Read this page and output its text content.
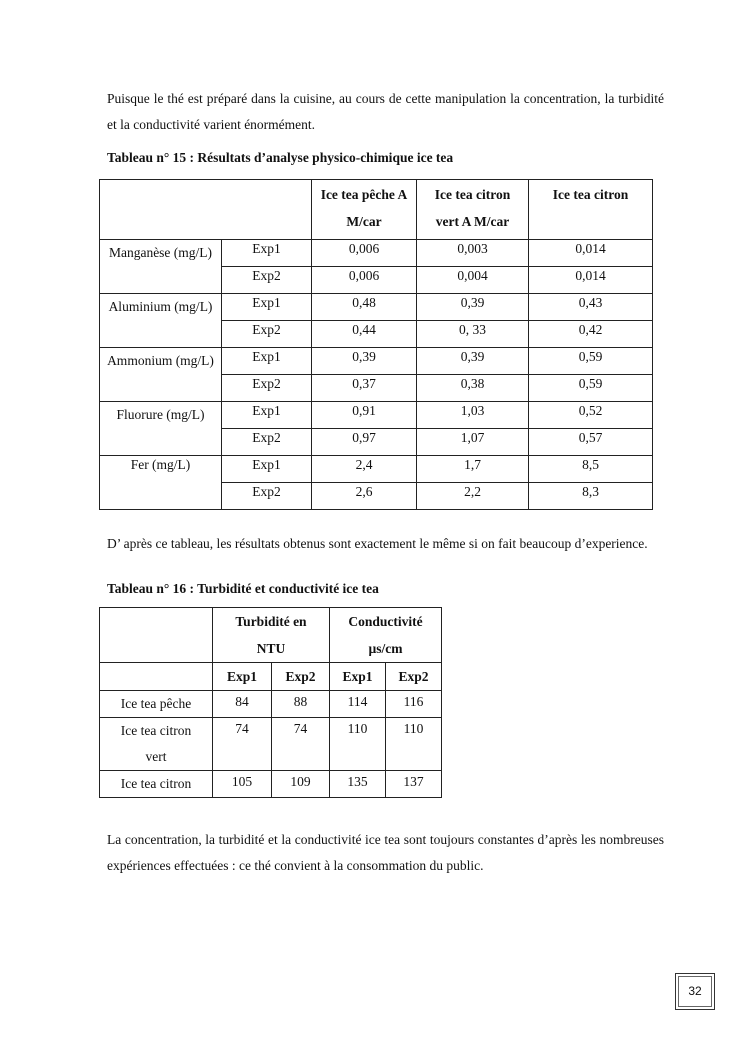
Puisque le thé est préparé dans la cuisine, au cours de cette manipulation la concentration, la turbidité et la conductivité varient énormément.

Tableau n° 15 : Résultats d’analyse physico-chimique ice tea

		Ice tea pêche A M/car	Ice tea citron vert A M/car	Ice tea citron
Manganèse (mg/L)	Exp1	0,006	0,003	0,014
	Exp2	0,006	0,004	0,014
Aluminium (mg/L)	Exp1	0,48	0,39	0,43
	Exp2	0,44	0, 33	0,42
Ammonium (mg/L)	Exp1	0,39	0,39	0,59
	Exp2	0,37	0,38	0,59
Fluorure (mg/L)	Exp1	0,91	1,03	0,52
	Exp2	0,97	1,07	0,57
Fer (mg/L)	Exp1	2,4	1,7	8,5
	Exp2	2,6	2,2	8,3

D’ après ce tableau, les résultats obtenus sont exactement le même si on fait beaucoup d’experience.

Tableau n° 16 : Turbidité et conductivité ice tea

	Turbidité en NTU		Conductivité µs/cm	
	Exp1	Exp2	Exp1	Exp2
Ice tea pêche	84	88	114	116
Ice tea citron vert	74	74	110	110
Ice tea citron	105	109	135	137

La concentration, la turbidité et la conductivité ice tea sont toujours constantes d’après les nombreuses expériences effectuées : ce thé convient à la consommation du public.

32
